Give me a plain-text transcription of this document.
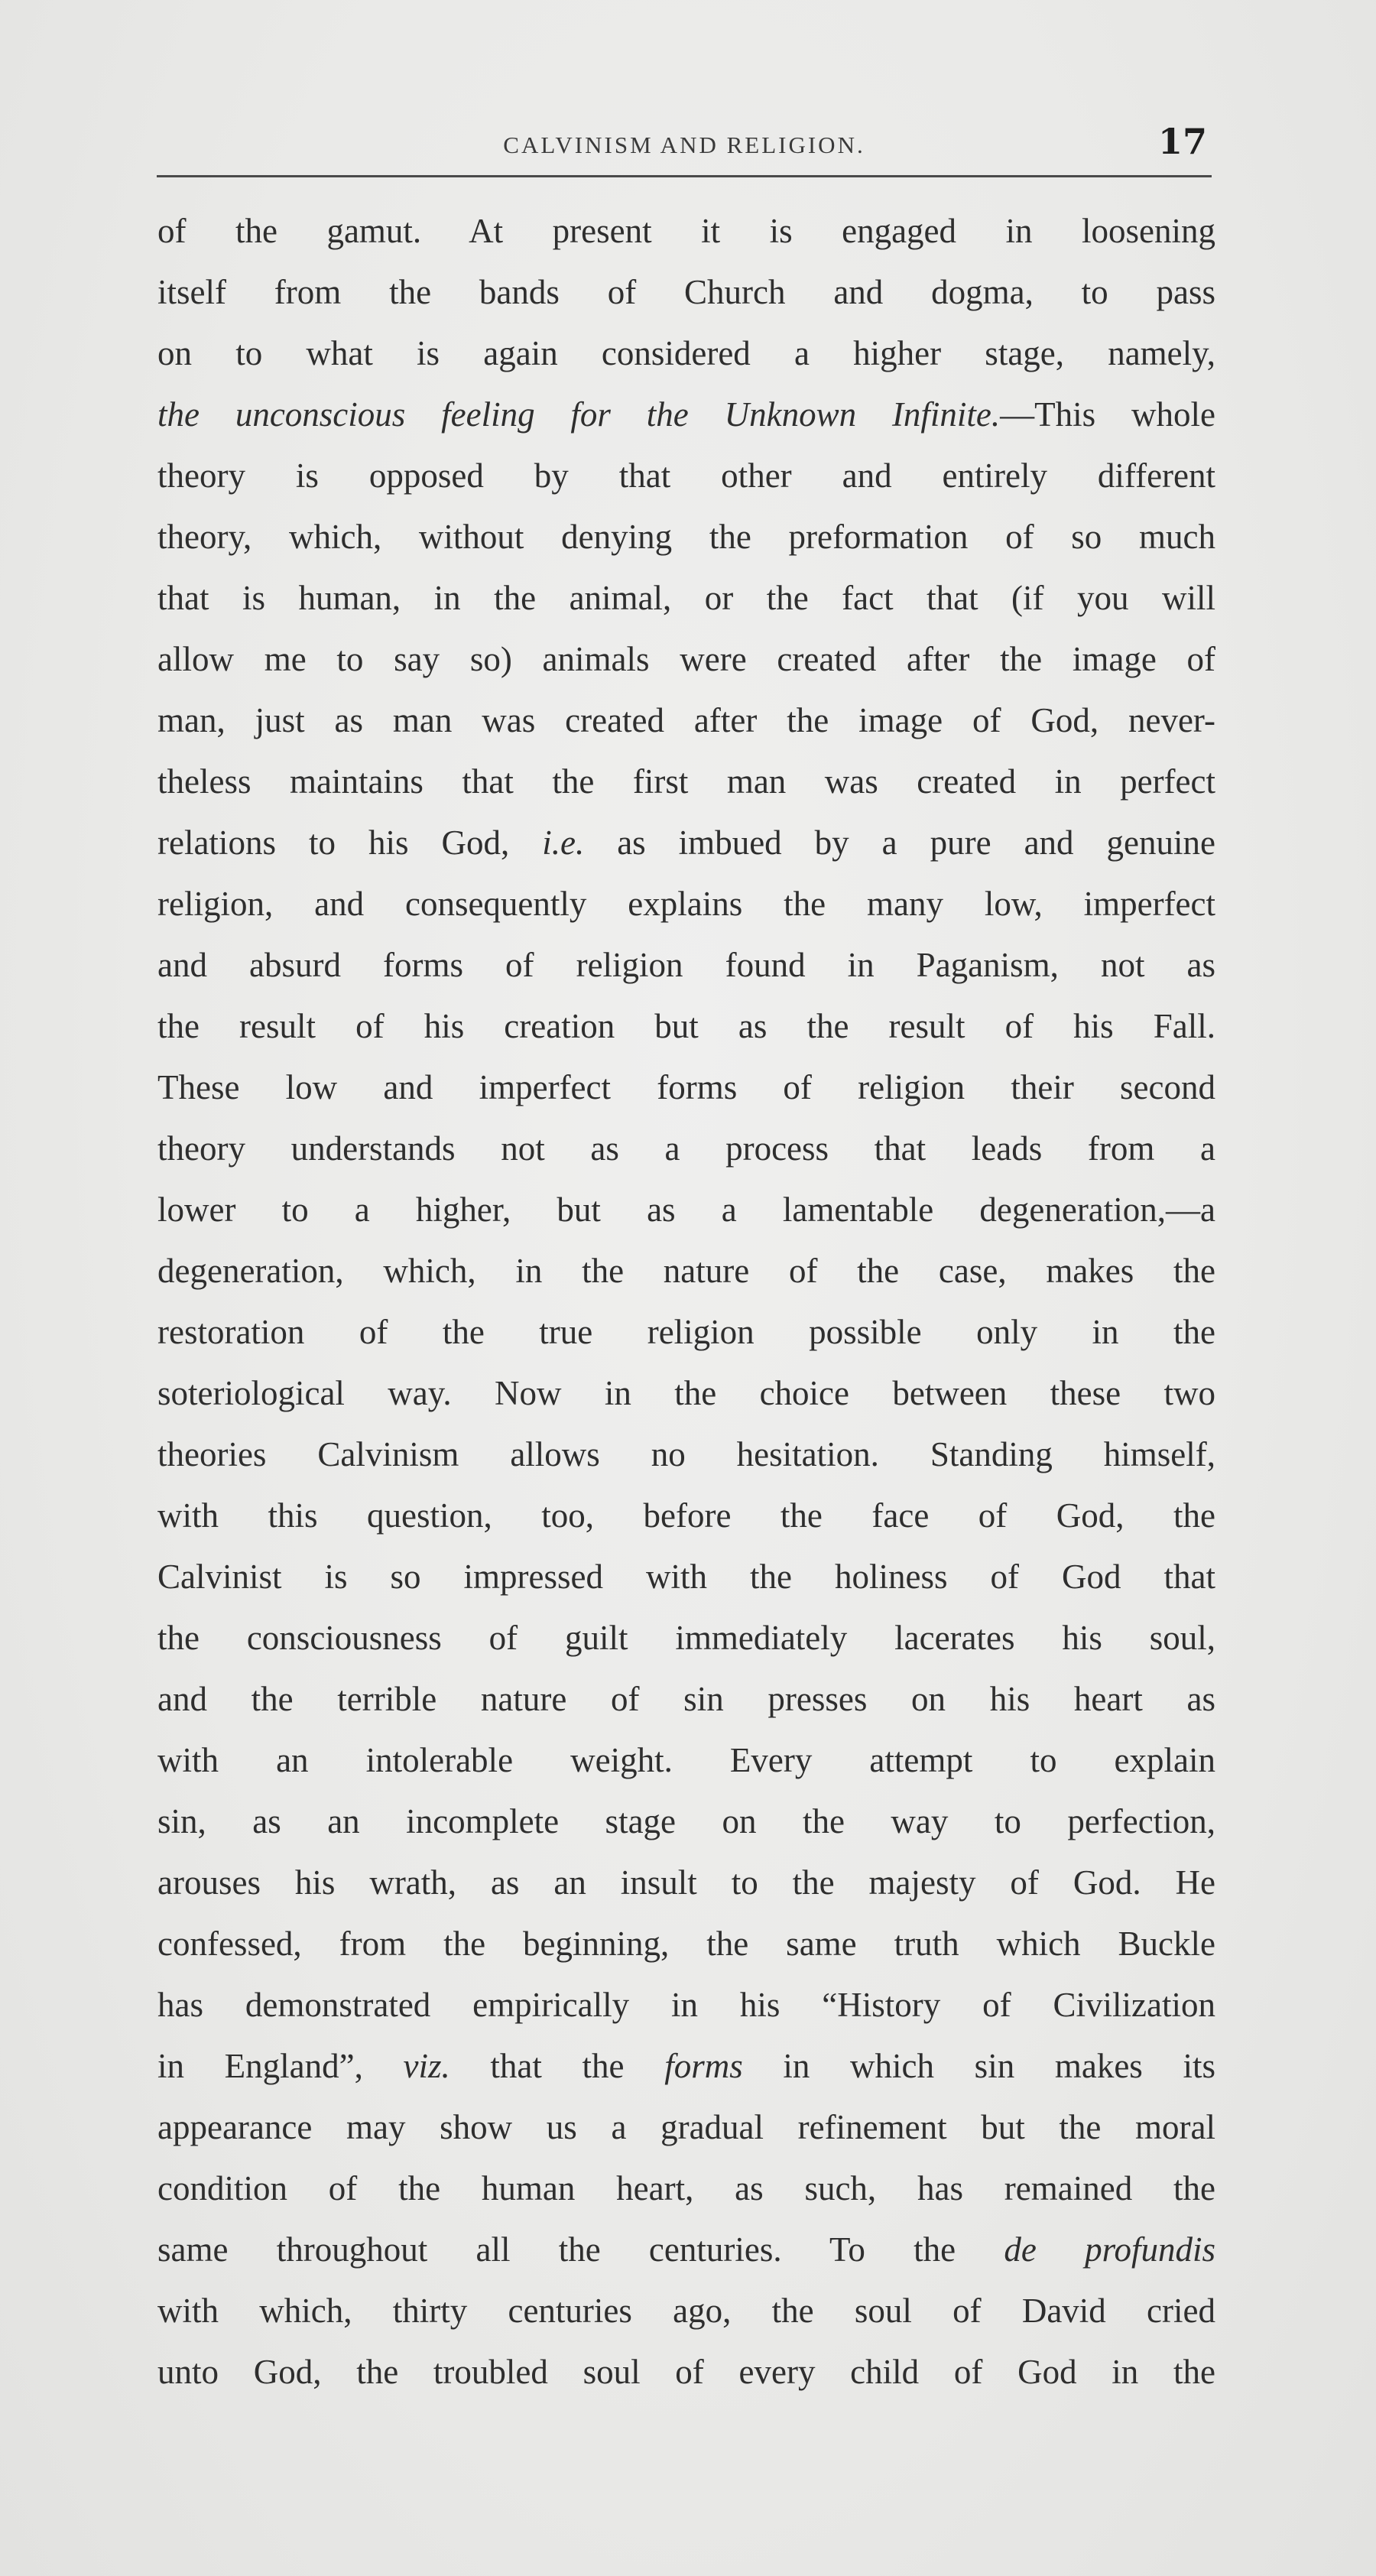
CALVINISM AND RELIGION.	17
of the gamut. At present it is engaged in loosening
itself from the bands of Church and dogma, to pass
on to what is again considered a higher stage, namely,
the unconscious feeling for the Unknown Infinite.—This whole
theory is opposed by that other and entirely different
theory, which, without denying the preformation of so much
that is human, in the animal, or the fact that (if you will
allow me to say so) animals were created after the image of
man, just as man was created after the image of God, never-
theless maintains that the first man was created in perfect
relations to his God, i.e. as imbued by a pure and genuine
religion, and consequently explains the many low, imperfect
and absurd forms of religion found in Paganism, not as
the result of his creation but as the result of his Fall.
These low and imperfect forms of religion their second
theory understands not as a process that leads from a
lower to a higher, but as a lamentable degeneration,—a
degeneration, which, in the nature of the case, makes the
restoration of the true religion possible only in the
soteriological way. Now in the choice between these two
theories Calvinism allows no hesitation. Standing himself,
with this question, too, before the face of God, the
Calvinist is so impressed with the holiness of God that
the consciousness of guilt immediately lacerates his soul,
and the terrible nature of sin presses on his heart as
with an intolerable weight. Every attempt to explain
sin, as an incomplete stage on the way to perfection,
arouses his wrath, as an insult to the majesty of God. He
confessed, from the beginning, the same truth which Buckle
has demonstrated empirically in his “History of Civilization
in England”, viz. that the forms in which sin makes its
appearance may show us a gradual refinement but the moral
condition of the human heart, as such, has remained the
same throughout all the centuries. To the de profundis
with which, thirty centuries ago, the soul of David cried
unto God, the troubled soul of every child of God in the
